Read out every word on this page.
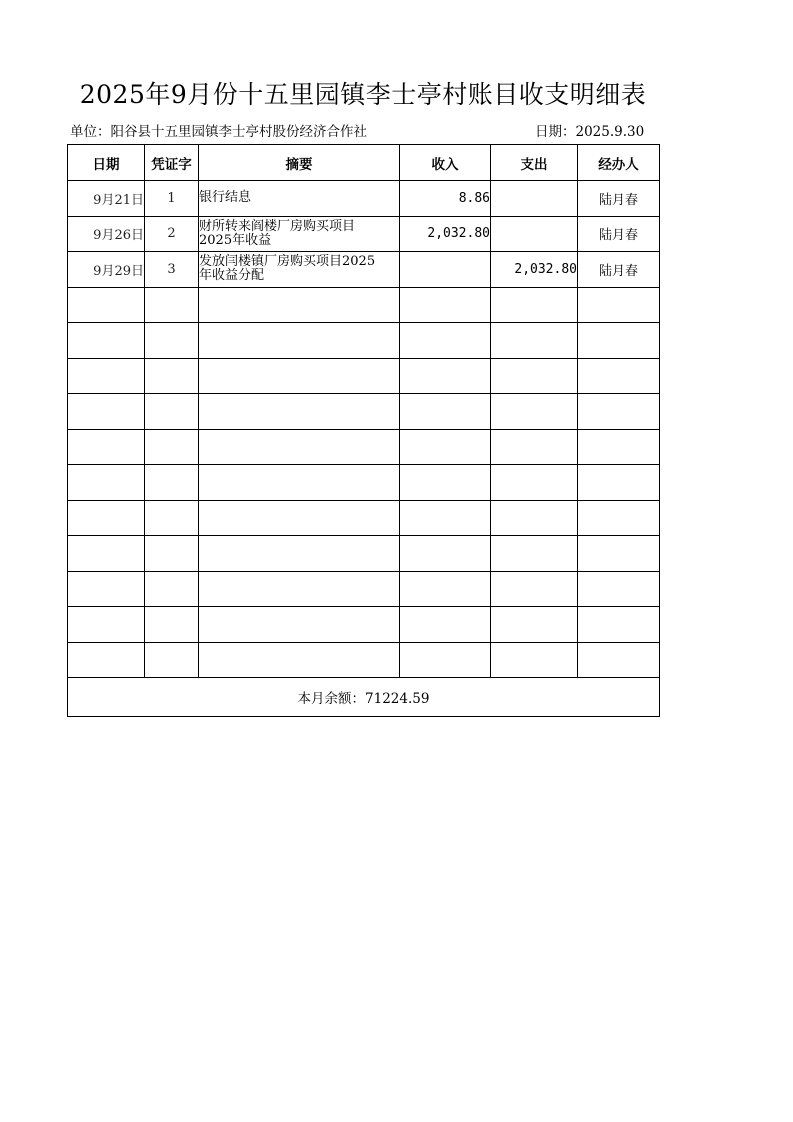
2025年9月份十五里园镇李士亭村账目收支明细表
单位：阳谷县十五里园镇李士亭村股份经济合作社	日期：2025.9.30
日期	凭证字	摘要	收入	支出	经办人
9月21日	1	银行结息	8.86		陆月春
9月26日	2	财所转来阎楼厂房购买项目
2025年收益	2,032.80		陆月春
9月29日	3	发放闫楼镇厂房购买项目2025
年收益分配		2,032.80	陆月春

本月余额：71224.59					
